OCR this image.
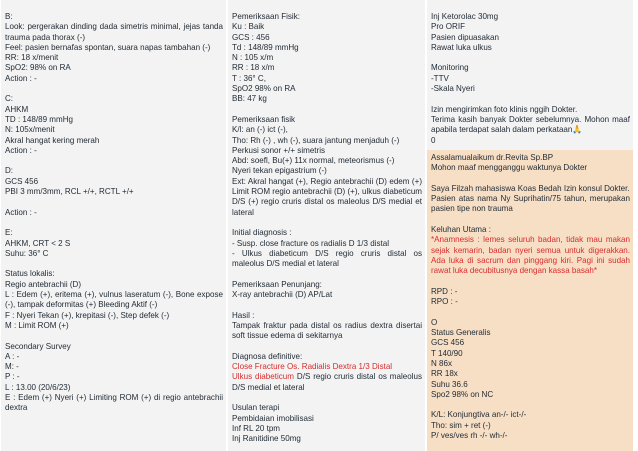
B:
Look: pergerakan dinding dada simetris minimal, jejas tanda trauma pada thorax (-)
Feel: pasien bernafas spontan, suara napas tambahan (-)
RR: 18 x/menit
SpO2: 98% on RA
Action : -
C:
AHKM
TD : 148/89 mmHg
N: 105x/menit
Akral hangat kering merah
Action : -
D:
GCS 456
PBI 3 mm/3mm, RCL +/+, RCTL +/+
Action : -
E:
AHKM, CRT < 2 S
Suhu: 36° C
Status lokalis:
Regio antebrachii (D)
L : Edem (+), eritema (+), vulnus laseratum (-), Bone expose (-), tampak deformitas (+) Bleeding Aktif (-)
F : Nyeri Tekan (+), krepitasi (-), Step defek (-)
M : Limit ROM (+)
Secondary Survey
A : -
M: -
P : -
L : 13.00 (20/6/23)
E : Edem (+) Nyeri (+) Limiting ROM (+) di regio antebrachii dextra
Pemeriksaan Fisik:
Ku : Baik
GCS : 456
Td : 148/89 mmHg
N : 105 x/m
RR : 18 x/m
T : 36° C,
SpO2 98% on RA
BB: 47 kg
Pemeriksaan fisik
K/l: an (-) ict (-),
Tho: Rh (-) , wh (-), suara jantung menjaduh (-)
Perkusi sonor +/+ simetris
Abd: soefl, Bu(+) 11x normal, meteorismus (-)
Nyeri tekan epigastrium (-)
Ext: Akral hangat (+), Regio antebrachii (D) edem (+) Limit ROM regio antebrachii (D) (+), ulkus diabeticum D/S (+) regio cruris distal os maleolus D/S medial et lateral
Initial diagnosis :
- Susp. close fracture os radialis D 1/3 distal
- Ulkus diabeticum D/S regio cruris distal os maleolus D/S medial et lateral
Pemeriksaan Penunjang:
X-ray antebrachii (D) AP/Lat
Hasil :
Tampak fraktur pada distal os radius dextra disertai soft tissue edema di sekitarnya
Diagnosa definitive:
Close Fracture Os. Radialis Dextra 1/3 Distal
Ulkus diabeticum D/S regio cruris distal os maleolus D/S medial et lateral
Usulan terapi
Pembidaian imobilisasi
Inf RL 20 tpm
Inj Ranitidine 50mg
Inj Ketorolac 30mg
Pro ORIF
Pasien dipuasakan
Rawat luka ulkus
Monitoring
-TTV
-Skala Nyeri
Izin mengirimkan foto klinis nggih Dokter.
Terima kasih banyak Dokter sebelumnya. Mohon maaf apabila terdapat salah dalam perkataan🙏
0
Assalamualaikum dr.Revita Sp.BP
Mohon maaf mengganggu waktunya Dokter
Saya Filzah mahasiswa Koas Bedah Izin konsul Dokter.
Pasien atas nama Ny Suprihatin/75 tahun, merupakan pasien tipe non trauma
Keluhan Utama :
*Anamnesis : lemes seluruh badan, tidak mau makan sejak kemarin, badan nyeri semua untuk digerakkan. Ada luka di sacrum dan pinggang kiri. Pagi ini sudah rawat luka decubitusnya dengan kassa basah*
RPD : -
RPO : -
O
Status Generalis
GCS 456
T 140/90
N 86x
RR 18x
Suhu 36.6
Spo2 98% on NC
K/L: Konjungtiva an-/- ict-/-
Tho: sim + ret (-)
P/ ves/ves rh -/- wh-/-
